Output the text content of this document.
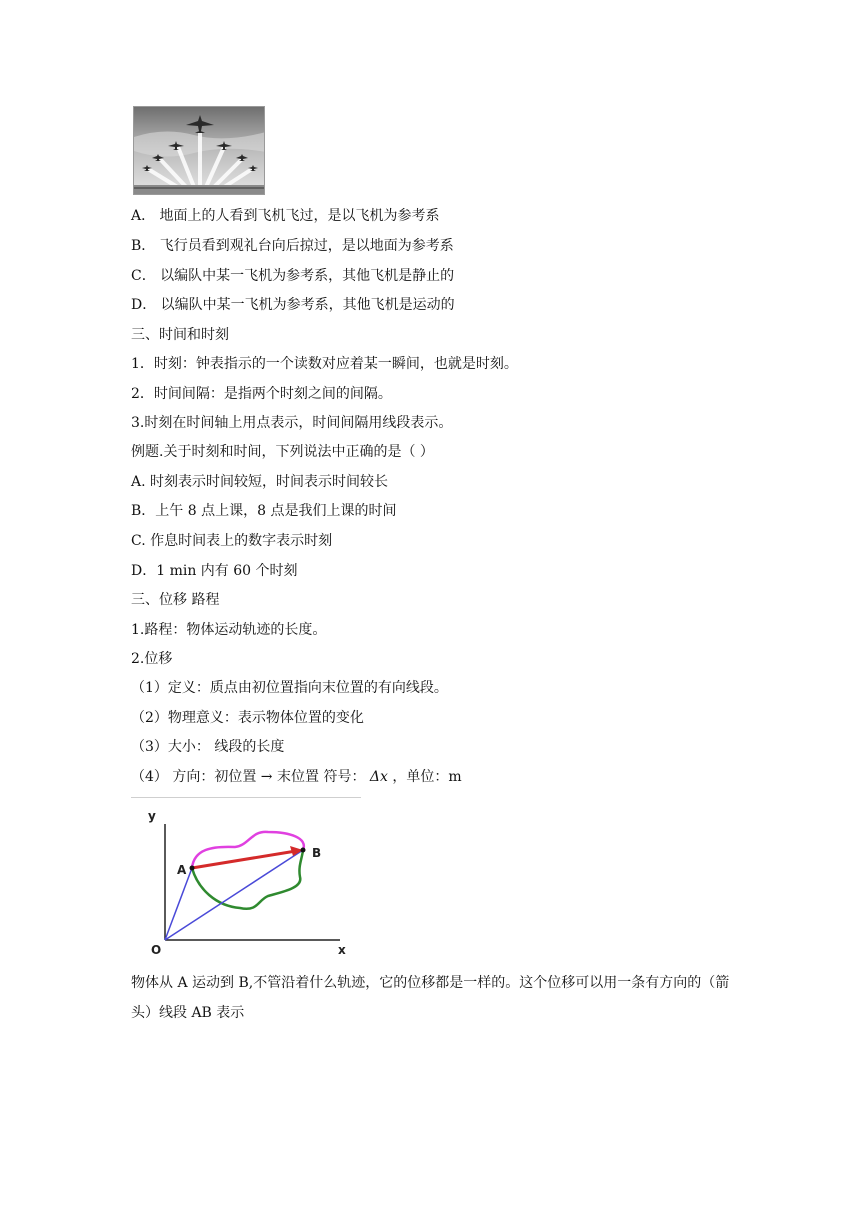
A． 地面上的人看到飞机飞过，是以飞机为参考系
B． 飞行员看到观礼台向后掠过，是以地面为参考系
C． 以编队中某一飞机为参考系，其他飞机是静止的
D． 以编队中某一飞机为参考系，其他飞机是运动的
三、时间和时刻
1．时刻：钟表指示的一个读数对应着某一瞬间，也就是时刻。
2．时间间隔：是指两个时刻之间的间隔。
3.时刻在时间轴上用点表示，时间间隔用线段表示。
例题.关于时刻和时间，下列说法中正确的是（ ）
A. 时刻表示时间较短，时间表示时间较长
B．上午 8 点上课，8 点是我们上课的时间
C. 作息时间表上的数字表示时刻
D．1 min 内有 60 个时刻
三、位移 路程
1.路程：物体运动轨迹的长度。
2.位移
（1）定义：质点由初位置指向末位置的有向线段。
（2）物理意义：表示物体位置的变化
（3）大小： 线段的长度
（4） 方向：初位置 → 末位置 符号： Δx ，单位：m
y
x
O
A
B
物体从 A 运动到 B,不管沿着什么轨迹，它的位移都是一样的。这个位移可以用一条有方向的（箭头）线段 AB 表示
